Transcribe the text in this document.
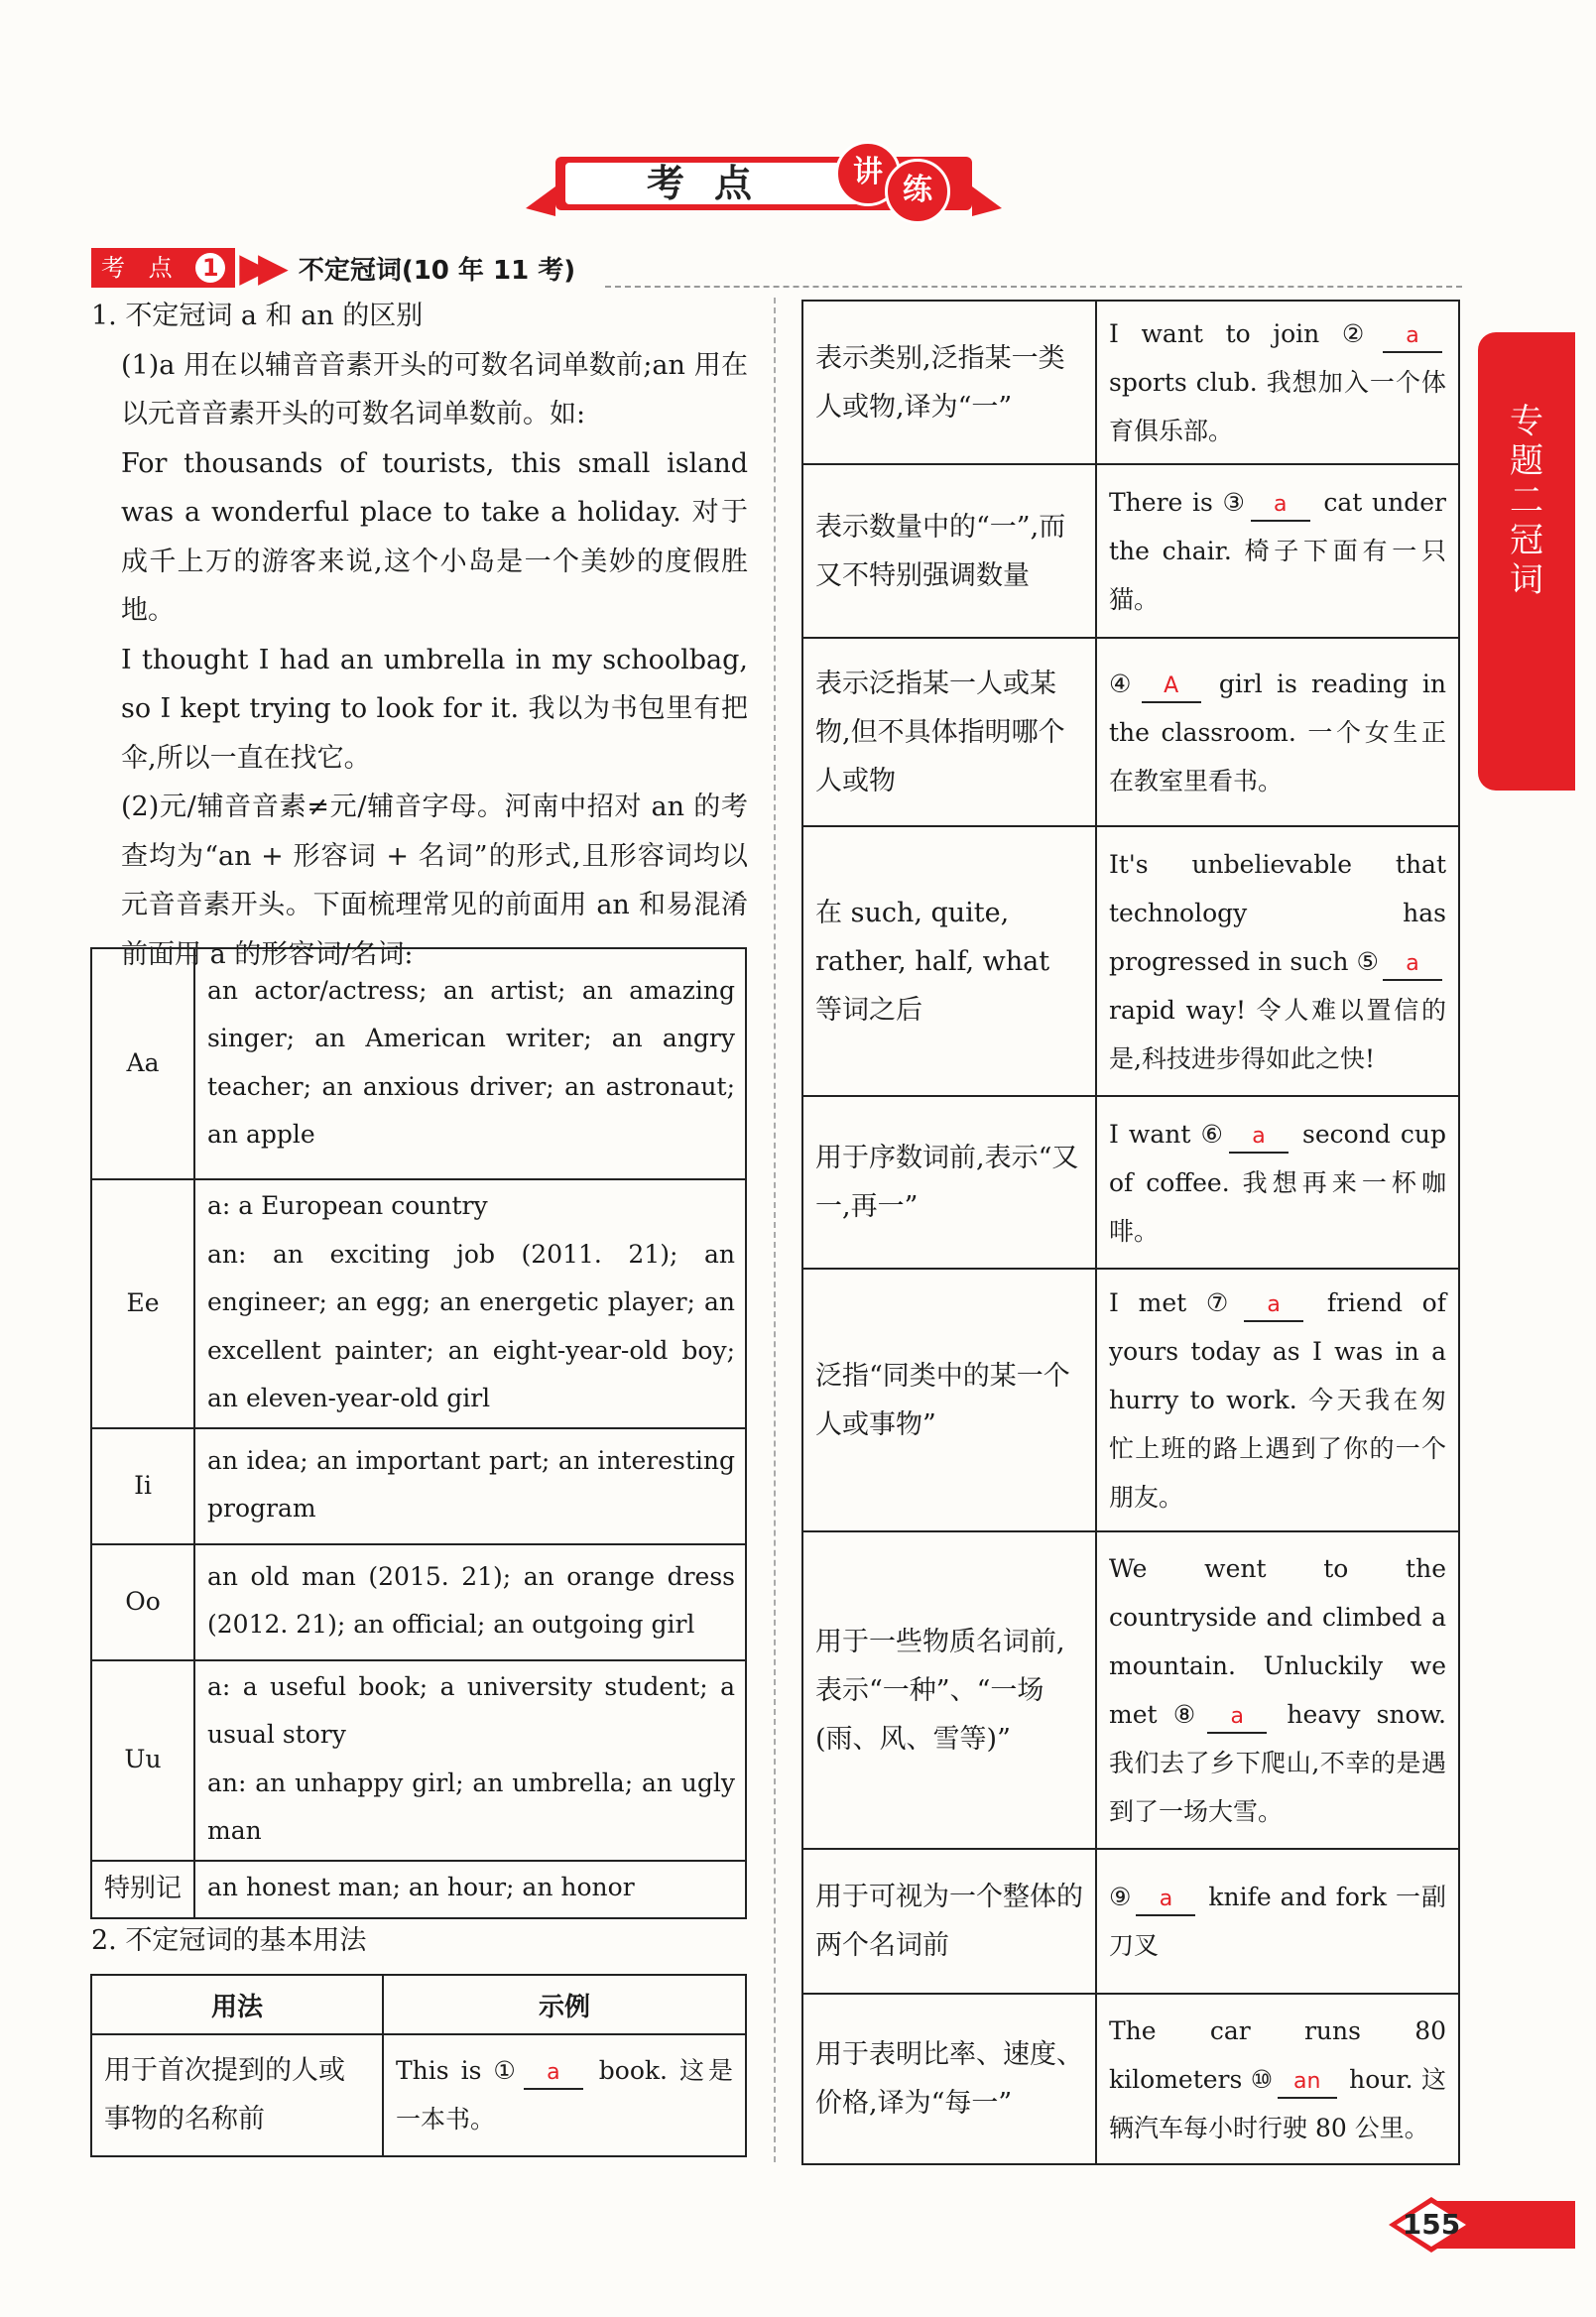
考点	讲
练
考 点 1 ▶▶ 不定冠词(10 年 11 考)

1. 不定冠词 a 和 an 的区别

(1)a 用在以辅音音素开头的可数名词单数前;an 用在以元音音素开头的可数名词单数前。如:

For thousands of tourists, this small island was a wonderful place to take a holiday. 对于成千上万的游客来说,这个小岛是一个美妙的度假胜地。

I thought I had an umbrella in my schoolbag, so I kept trying to look for it. 我以为书包里有把伞,所以一直在找它。

(2)元/辅音音素≠元/辅音字母。河南中招对 an 的考查均为“an + 形容词 + 名词”的形式,且形容词均以元音音素开头。下面梳理常见的前面用 an 和易混淆前面用 a 的形容词/名词:

Aa	an actor/actress; an artist; an amazing singer; an American writer; an angry teacher; an anxious driver; an astronaut; an apple
Ee	a: a European country
an: an exciting job (2011. 21); an engineer; an egg; an energetic player; an excellent painter; an eight-year-old boy; an eleven-year-old girl
Ii	an idea; an important part; an interesting program
Oo	an old man (2015. 21); an orange dress (2012. 21); an official; an outgoing girl
Uu	a: a useful book; a university student; a usual story
an: an unhappy girl; an umbrella; an ugly man
特别记	an honest man; an hour; an honor
2. 不定冠词的基本用法
用法	示例
用于首次提到的人或事物的名称前	This is ① a book. 这是一本书。
表示类别,泛指某一类人或物,译为“一”	I want to join ② a sports club. 我想加入一个体育俱乐部。
表示数量中的“一”,而又不特别强调数量	There is ③ a cat under the chair. 椅子下面有一只猫。
表示泛指某一人或某物,但不具体指明哪个人或物	④ A girl is reading in the classroom. 一个女生正在教室里看书。
在 such, quite, rather, half, what 等词之后	It's unbelievable that technology has progressed in such ⑤ a rapid way! 令人难以置信的是,科技进步得如此之快!
用于序数词前,表示“又一,再一”	I want ⑥ a second cup of coffee. 我想再来一杯咖啡。
泛指“同类中的某一个人或事物”	I met ⑦ a friend of yours today as I was in a hurry to work. 今天我在匆忙上班的路上遇到了你的一个朋友。
用于一些物质名词前,表示“一种”、“一场(雨、风、雪等)”	We went to the countryside and climbed a mountain. Unluckily we met ⑧ a heavy snow. 我们去了乡下爬山,不幸的是遇到了一场大雪。
用于可视为一个整体的两个名词前	⑨ a knife and fork 一副刀叉
用于表明比率、速度、价格,译为“每一”	The car runs 80 kilometers ⑩ an hour. 这辆汽车每小时行驶 80 公里。
专题二 冠词
155
